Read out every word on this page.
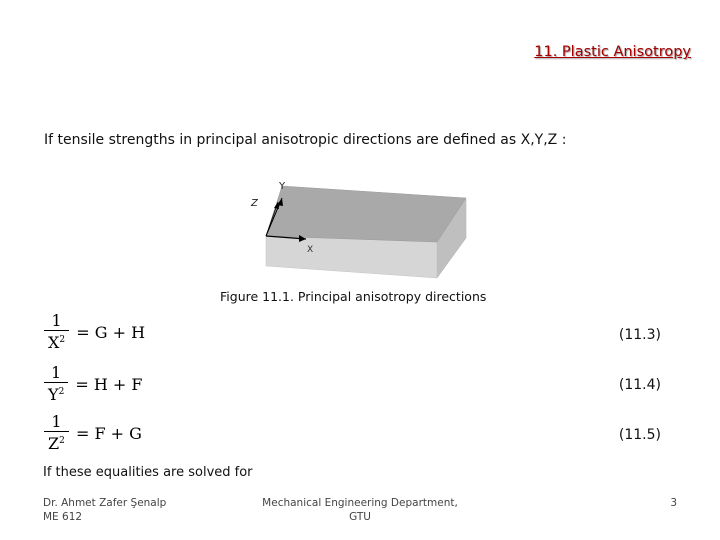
11. Plastic Anisotropy
If tensile strengths in principal anisotropic directions are defined as X,Y,Z :
Y
Z
X
Figure 11.1. Principal anisotropy directions
$\frac{1}{X^2} = G + H$	(11.3)
$\frac{1}{Y^2} = H + F$	(11.4)
$\frac{1}{Z^2} = F + G$	(11.5)
If these equalities are solved for
Dr. Ahmet Zafer Şenalp
ME 612
Mechanical Engineering Department,
GTU
3
